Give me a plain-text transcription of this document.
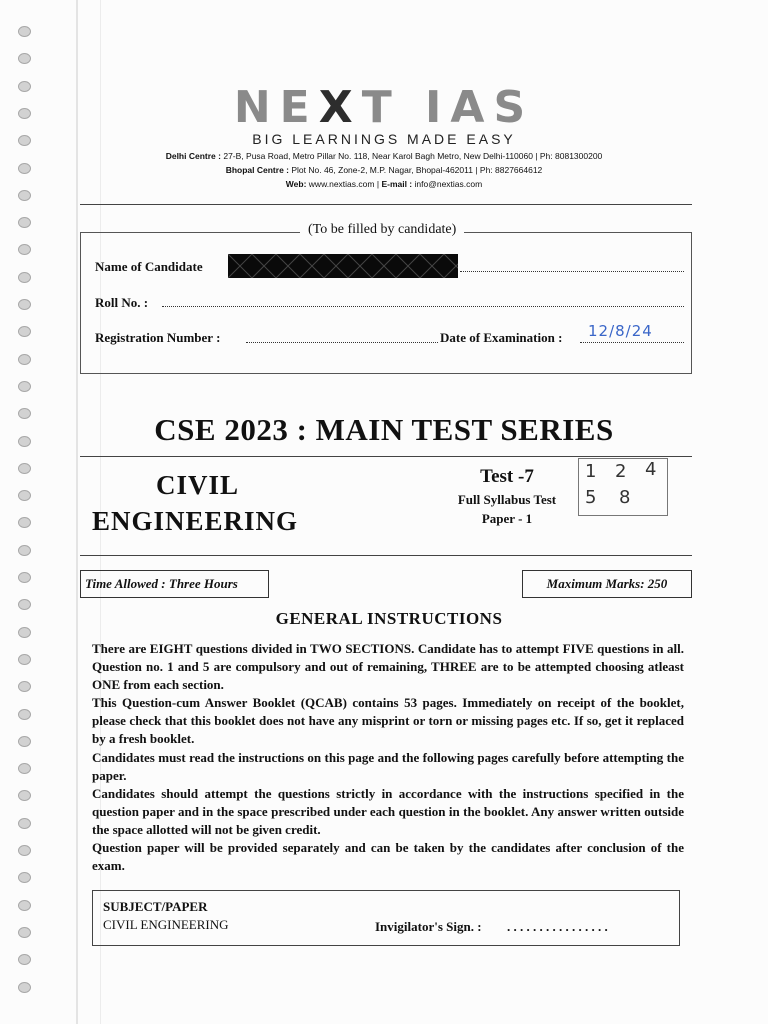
NEXT IAS
BIG LEARNINGS MADE EASY
Delhi Centre : 27-B, Pusa Road, Metro Pillar No. 118, Near Karol Bagh Metro, New Delhi-110060 | Ph: 8081300200
Bhopal Centre : Plot No. 46, Zone-2, M.P. Nagar, Bhopal-462011 | Ph: 8827664612
Web: www.nextias.com | E-mail : info@nextias.com
(To be filled by candidate)
Name of Candidate
Roll No. :
Registration Number :	Date of Examination : 12/8/24
CSE 2023 : MAIN TEST SERIES
CIVIL
ENGINEERING
Test -7
Full Syllabus Test
Paper - 1
1 2 4
5 8
Time Allowed : Three Hours	Maximum Marks: 250
GENERAL INSTRUCTIONS

There are EIGHT questions divided in TWO SECTIONS. Candidate has to attempt FIVE questions in all. Question no. 1 and 5 are compulsory and out of remaining, THREE are to be attempted choosing atleast ONE from each section.

This Question-cum Answer Booklet (QCAB) contains 53 pages. Immediately on receipt of the booklet, please check that this booklet does not have any misprint or torn or missing pages etc. If so, get it replaced by a fresh booklet.

Candidates must read the instructions on this page and the following pages carefully before attempting the paper.

Candidates should attempt the questions strictly in accordance with the instructions specified in the question paper and in the space prescribed under each question in the booklet. Any answer written outside the space allotted will not be given credit.

Question paper will be provided separately and can be taken by the candidates after conclusion of the exam.

SUBJECT/PAPER
CIVIL ENGINEERING	Invigilator's Sign. : . . . . . . . . . . . . . . . .
